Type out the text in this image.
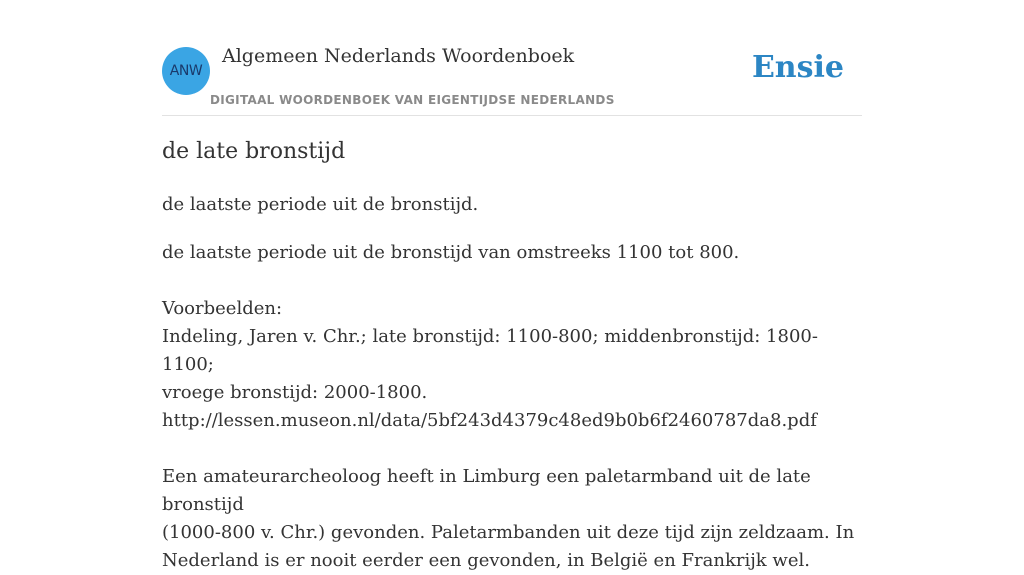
ANW
Algemeen Nederlands Woordenboek
DIGITAAL WOORDENBOEK VAN EIGENTIJDSE NEDERLANDS
Ensie
de late bronstijd

de laatste periode uit de bronstijd.

de laatste periode uit de bronstijd van omstreeks 1100 tot 800.

Voorbeelden:

Indeling, Jaren v. Chr.; late bronstijd: 1100-800; middenbronstijd: 1800-1100;

vroege bronstijd: 2000-1800.

http://lessen.museon.nl/data/5bf243d4379c48ed9b0b6f2460787da8.pdf

Een amateurarcheoloog heeft in Limburg een paletarmband uit de late bronstijd

(1000-800 v. Chr.) gevonden. Paletarmbanden uit deze tijd zijn zeldzaam. In

Nederland is er nooit eerder een gevonden, in België en Frankrijk wel.
